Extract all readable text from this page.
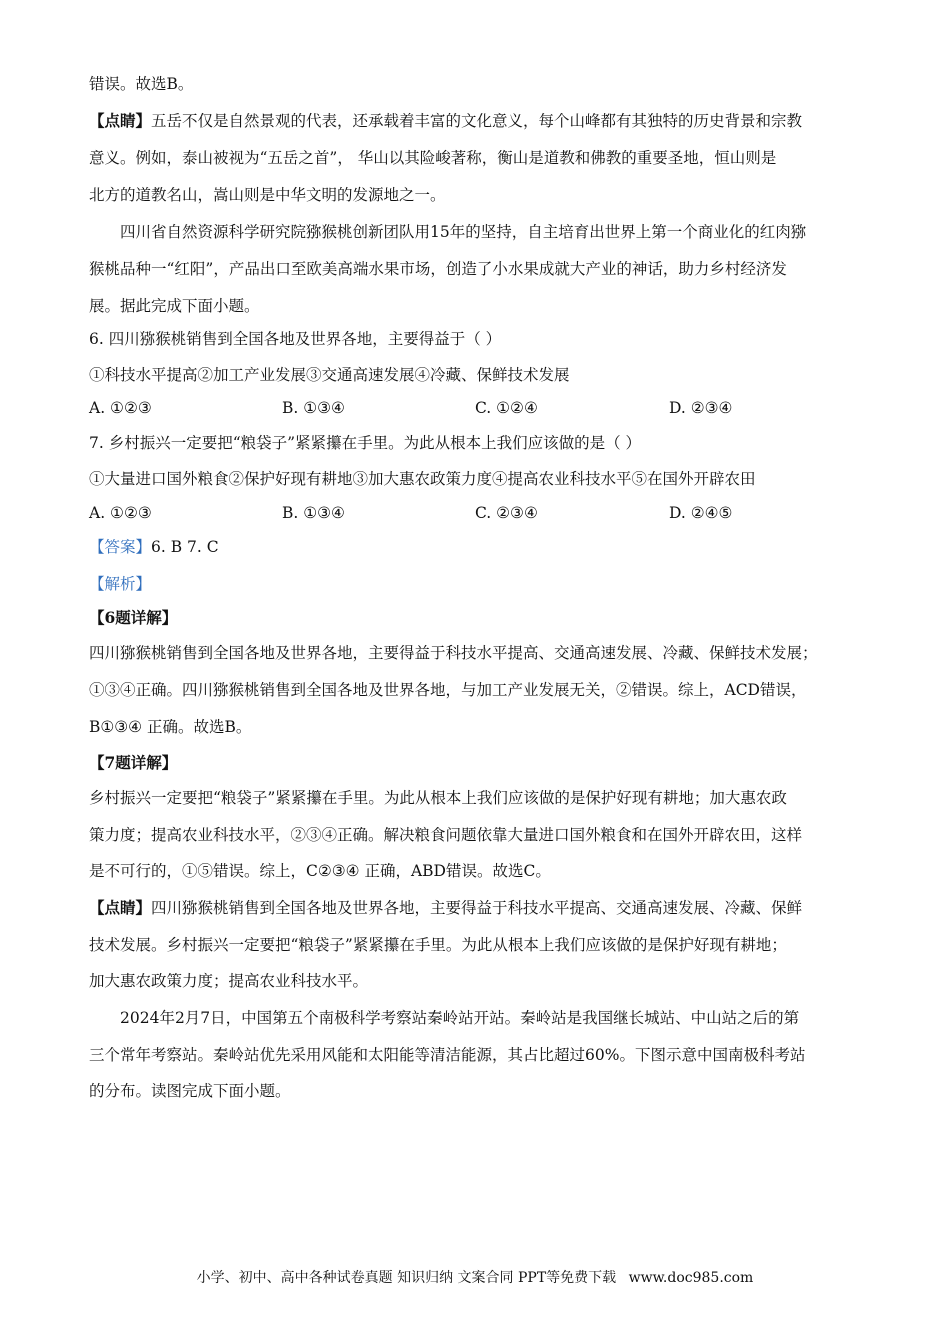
错误。故选B。
【点睛】五岳不仅是自然景观的代表，还承载着丰富的文化意义，每个山峰都有其独特的历史背景和宗教
意义。例如，泰山被视为“五岳之首”， 华山以其险峻著称，衡山是道教和佛教的重要圣地，恒山则是
北方的道教名山，嵩山则是中华文明的发源地之一。
四川省自然资源科学研究院猕猴桃创新团队用15年的坚持，自主培育出世界上第一个商业化的红肉猕
猴桃品种一“红阳”，产品出口至欧美高端水果市场，创造了小水果成就大产业的神话，助力乡村经济发
展。据此完成下面小题。
6. 四川猕猴桃销售到全国各地及世界各地，主要得益于（ ）
①科技水平提高②加工产业发展③交通高速发展④冷藏、保鲜技术发展
A. ①②③	B. ①③④	C. ①②④	D. ②③④
7. 乡村振兴一定要把“粮袋子”紧紧攥在手里。为此从根本上我们应该做的是（ ）
①大量进口国外粮食②保护好现有耕地③加大惠农政策力度④提高农业科技水平⑤在国外开辟农田
A. ①②③	B. ①③④	C. ②③④	D. ②④⑤
【答案】6. B 7. C
【解析】
【6题详解】
四川猕猴桃销售到全国各地及世界各地，主要得益于科技水平提高、交通高速发展、冷藏、保鲜技术发展；
①③④正确。四川猕猴桃销售到全国各地及世界各地，与加工产业发展无关，②错误。综上，ACD错误，
B①③④ 正确。故选B。
【7题详解】
乡村振兴一定要把“粮袋子”紧紧攥在手里。为此从根本上我们应该做的是保护好现有耕地；加大惠农政
策力度；提高农业科技水平，②③④正确。解决粮食问题依靠大量进口国外粮食和在国外开辟农田，这样
是不可行的，①⑤错误。综上，C②③④ 正确，ABD错误。故选C。
【点睛】四川猕猴桃销售到全国各地及世界各地，主要得益于科技水平提高、交通高速发展、冷藏、保鲜
技术发展。乡村振兴一定要把“粮袋子”紧紧攥在手里。为此从根本上我们应该做的是保护好现有耕地；
加大惠农政策力度；提高农业科技水平。
2024年2月7日，中国第五个南极科学考察站秦岭站开站。秦岭站是我国继长城站、中山站之后的第
三个常年考察站。秦岭站优先采用风能和太阳能等清洁能源，其占比超过60%。下图示意中国南极科考站
的分布。读图完成下面小题。
小学、初中、高中各种试卷真题 知识归纳 文案合同 PPT等免费下载 www.doc985.com
